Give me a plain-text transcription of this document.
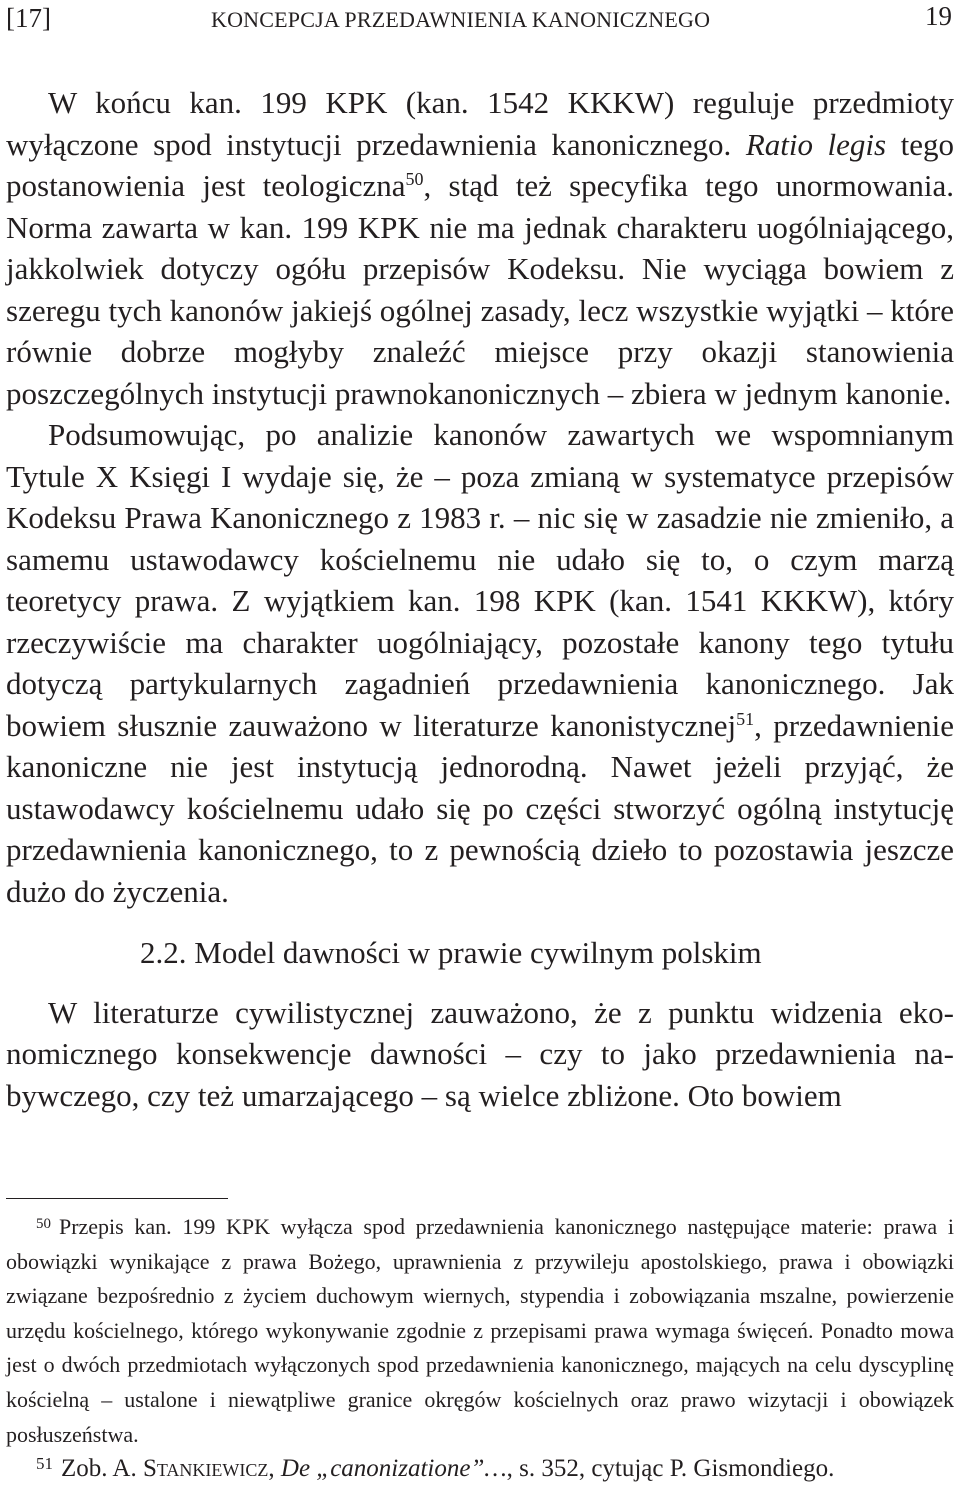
[17]	KONCEPCJA PRZEDAWNIENIA KANONICZNEGO	19

W końcu kan. 199 KPK (kan. 1542 KKKW) reguluje przedmioty wyłączone spod instytucji przedawnienia kanonicznego. Ratio legis tego postanowienia jest teologiczna$^{50}$, stąd też specyfika tego unormowania. Norma zawarta w kan. 199 KPK nie ma jednak charakteru uogólniającego, jakkolwiek dotyczy ogółu przepisów Kodeksu. Nie wyciąga bowiem z szeregu tych kanonów jakiejś ogólnej zasady, lecz wszystkie wyjątki – które równie dobrze mogłyby znaleźć miejsce przy okazji stanowienia poszczególnych instytucji prawnokanonicznych – zbiera w jednym kanonie.

Podsumowując, po analizie kanonów zawartych we wspomnianym Tytule X Księgi I wydaje się, że – poza zmianą w systematyce przepisów Kodeksu Prawa Kanonicznego z 1983 r. – nic się w zasadzie nie zmieniło, a samemu ustawodawcy kościelnemu nie udało się to, o czym marzą teoretycy prawa. Z wyjątkiem kan. 198 KPK (kan. 1541 KKKW), który rzeczywiście ma charakter uogólniający, pozostałe kanony tego tytułu dotyczą partykularnych zagadnień przedawnienia kanonicznego. Jak bowiem słusznie zauważono w literaturze kanonistycznej$^{51}$, przedawnienie kanoniczne nie jest instytucją jednorodną. Nawet jeżeli przyjąć, że ustawodawcy kościelnemu udało się po części stworzyć ogólną instytucję przedawnienia kanonicznego, to z pewnością dzieło to pozostawia jeszcze dużo do życzenia.

2.2. Model dawności w prawie cywilnym polskim

W literaturze cywilistycznej zauważono, że z punktu widzenia ekonomicznego konsekwencje dawności – czy to jako przedawnienia nabywczego, czy też umarzającego – są wielce zbliżone. Oto bowiem

$^{50}$ Przepis kan. 199 KPK wyłącza spod przedawnienia kanonicznego następujące materie: prawa i obowiązki wynikające z prawa Bożego, uprawnienia z przywileju apostolskiego, prawa i obowiązki związane bezpośrednio z życiem duchowym wiernych, stypendia i zobowiązania mszalne, powierzenie urzędu kościelnego, którego wykonywanie zgodnie z przepisami prawa wymaga święceń. Ponadto mowa jest o dwóch przedmiotach wyłączonych spod przedawnienia kanonicznego, mających na celu dyscyplinę kościelną – ustalone i niewątpliwe granice okręgów kościelnych oraz prawo wizytacji i obowiązek posłuszeństwa.

$^{51}$ Zob. A. Stankiewicz, De „canonizatione”…, s. 352, cytując P. Gismondiego.
